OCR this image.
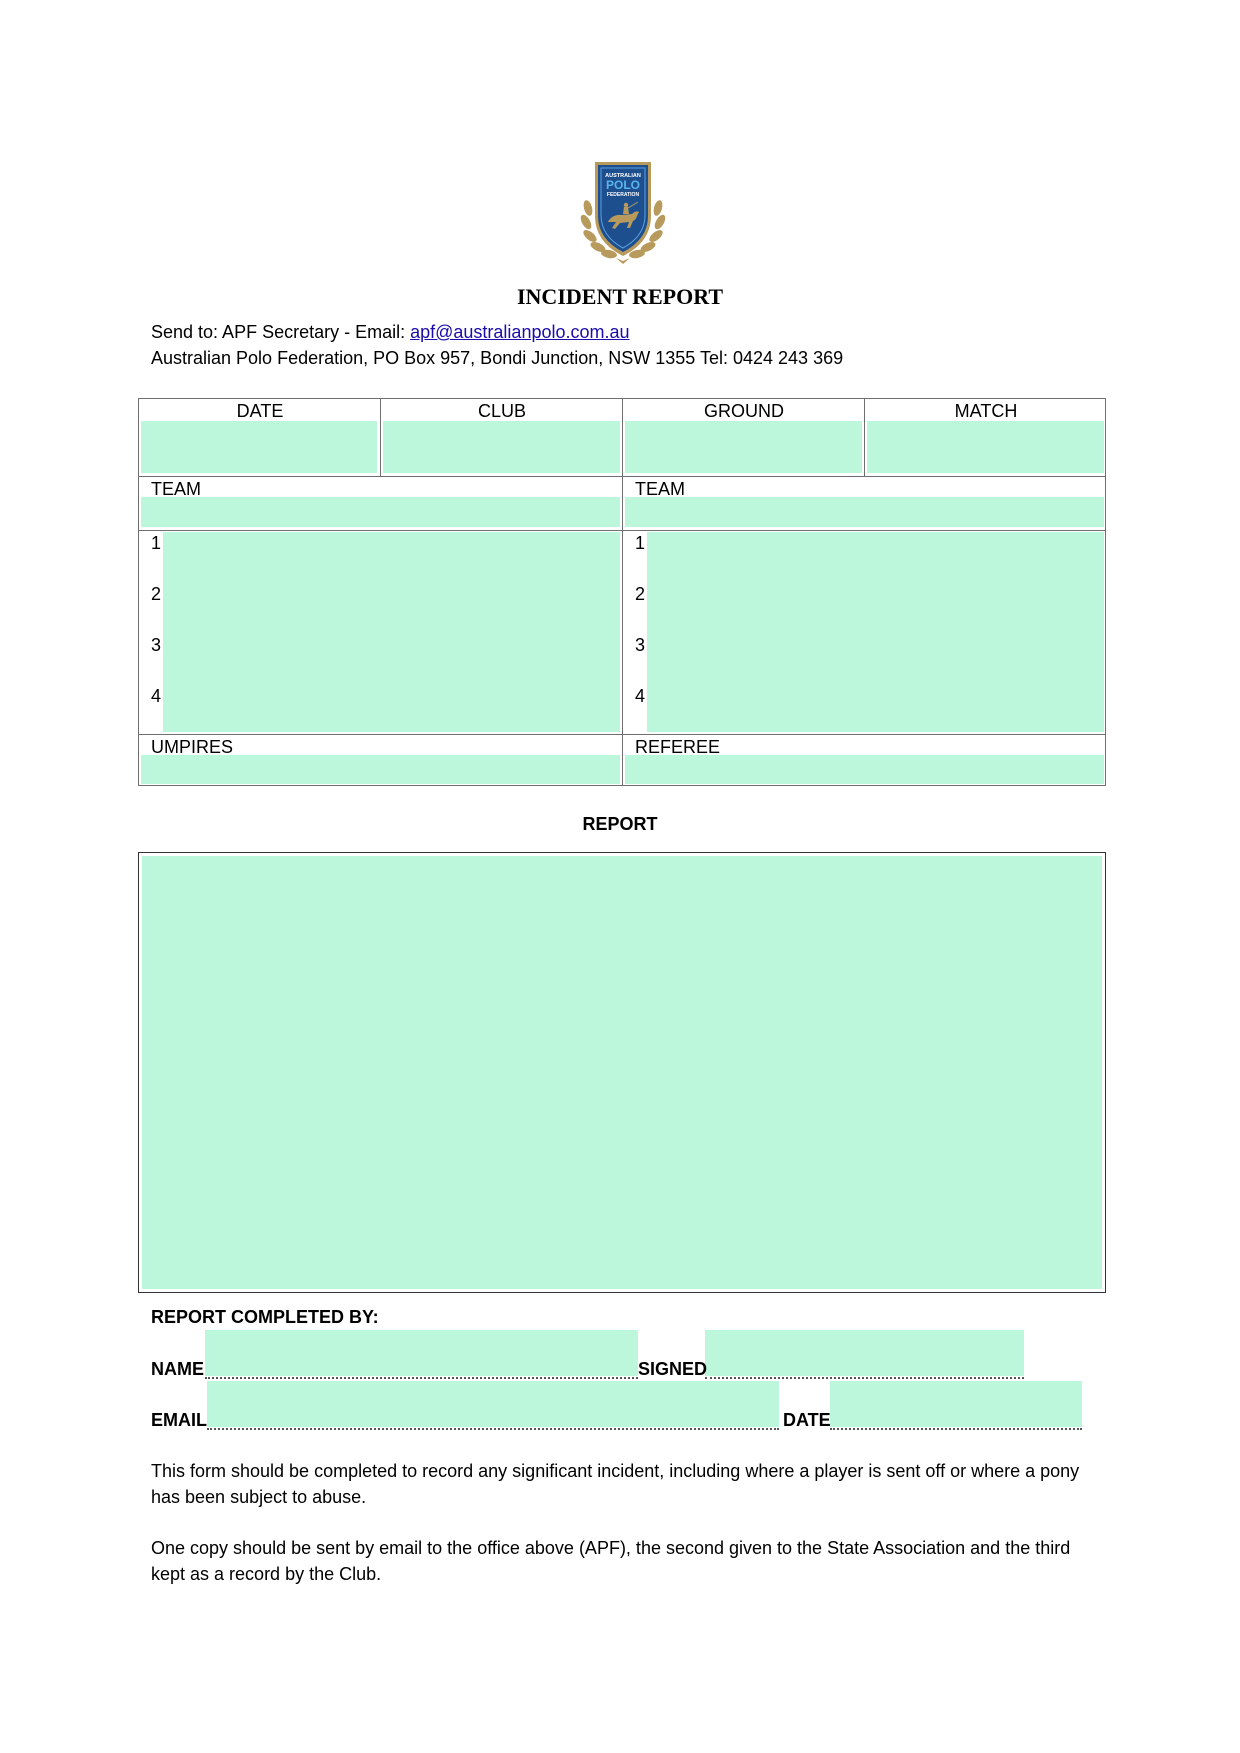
AUSTRALIAN
POLO
FEDERATION
INCIDENT REPORT
Send to: APF Secretary - Email: apf@australianpolo.com.au
Australian Polo Federation, PO Box 957, Bondi Junction, NSW 1355 Tel: 0424 243 369
DATE	CLUB	GROUND	MATCH
TEAM	TEAM
1
2
3
4
1
2
3
4
UMPIRES	REFEREE
REPORT
REPORT COMPLETED BY:
NAME	SIGNED
EMAIL	DATE
This form should be completed to record any significant incident, including where a player is sent off or where a pony has been subject to abuse.
One copy should be sent by email to the office above (APF), the second given to the State Association and the third kept as a record by the Club.
